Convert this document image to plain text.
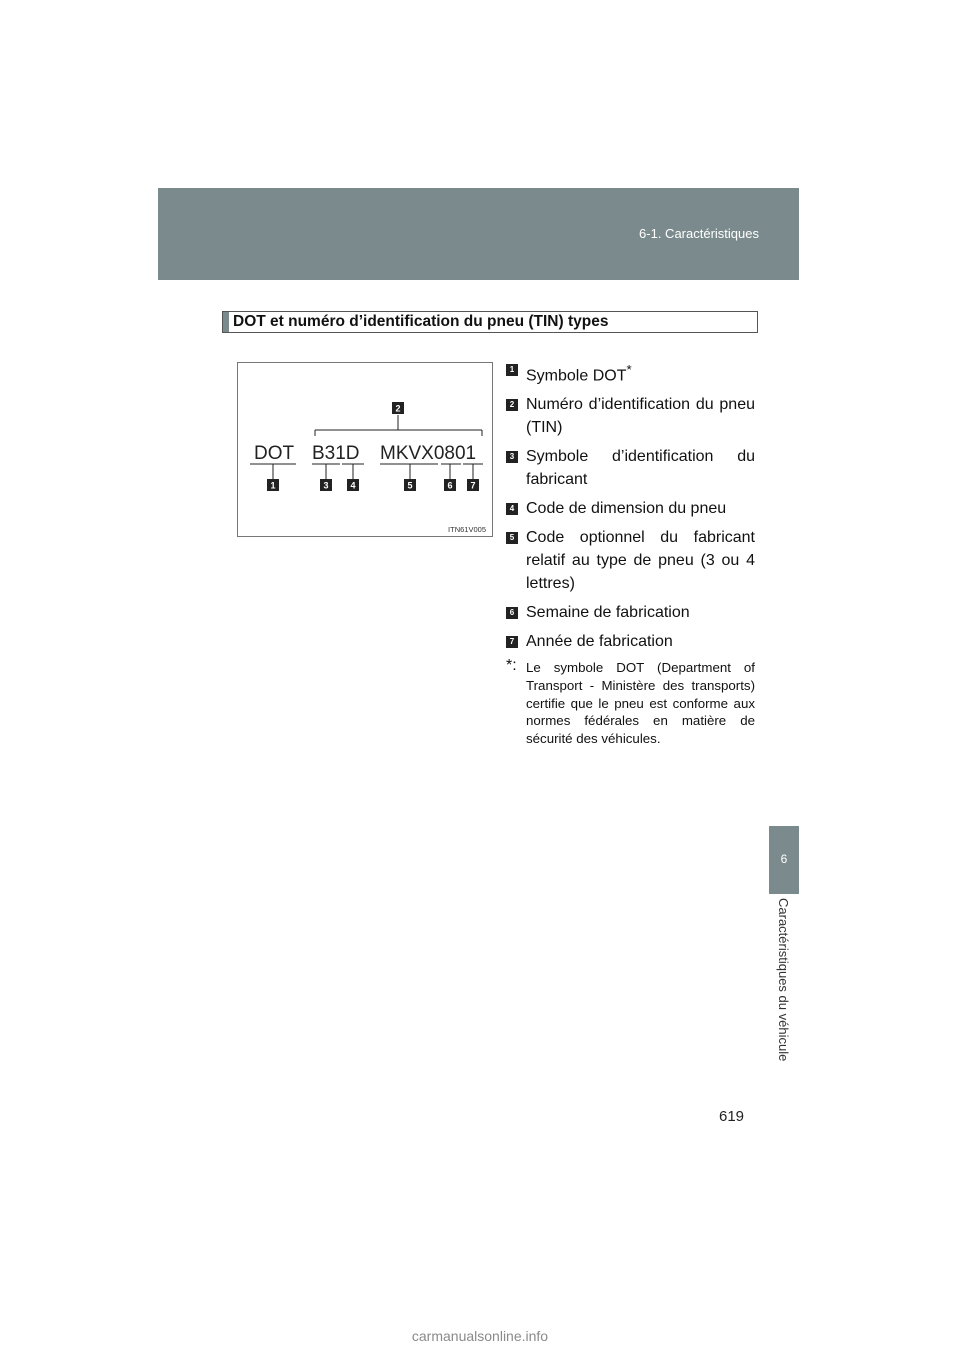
6-1. Caractéristiques
6
Caractéristiques du véhicule
DOT et numéro d’identification du pneu (TIN) types
2
DOT B31D MKVX0801
1	3 4	5	6 7
ITN61V005
1 Symbole DOT*
2 Numéro d’identification du pneu (TIN)
3 Symbole d’identification du fabricant
4 Code de dimension du pneu
5 Code optionnel du fabricant relatif au type de pneu (3 ou 4 lettres)
6 Semaine de fabrication
7 Année de fabrication
*: Le symbole DOT (Department of Transport - Ministère des transports) certifie que le pneu est conforme aux normes fédérales en matière de sécurité des véhicules.
619
carmanualsonline.info
